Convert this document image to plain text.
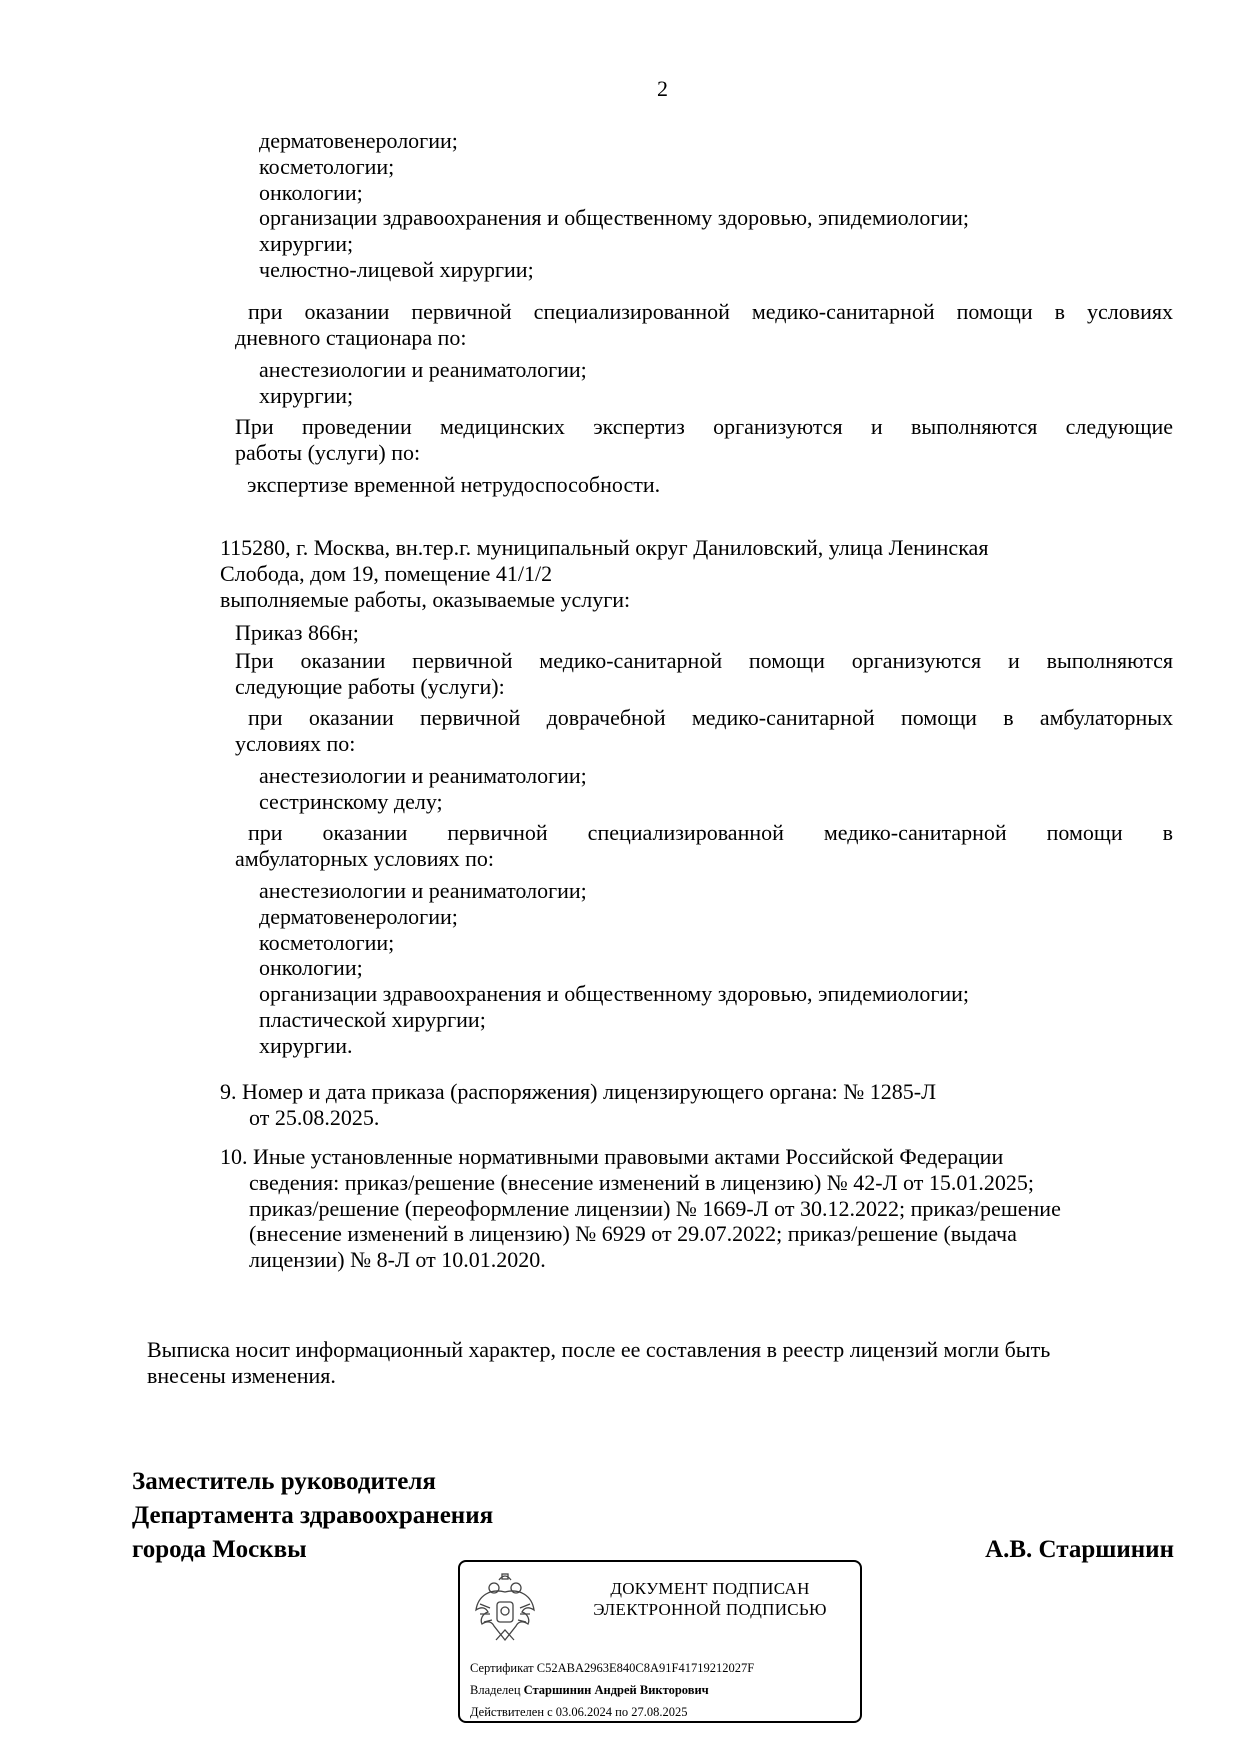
2
дерматовенерологии;
косметологии;
онкологии;
организации здравоохранения и общественному здоровью, эпидемиологии;
хирургии;
челюстно-лицевой хирургии;
при оказании первичной специализированной медико-санитарной помощи в условиях
дневного стационара по:
анестезиологии и реаниматологии;
хирургии;
При проведении медицинских экспертиз организуются и выполняются следующие
работы (услуги) по:
экспертизе временной нетрудоспособности.
115280, г. Москва, вн.тер.г. муниципальный округ Даниловский, улица Ленинская
Слобода, дом 19, помещение 41/1/2
выполняемые работы, оказываемые услуги:
Приказ 866н;
При оказании первичной медико-санитарной помощи организуются и выполняются
следующие работы (услуги):
при оказании первичной доврачебной медико-санитарной помощи в амбулаторных
условиях по:
анестезиологии и реаниматологии;
сестринскому делу;
при оказании первичной специализированной медико-санитарной помощи в
амбулаторных условиях по:
анестезиологии и реаниматологии;
дерматовенерологии;
косметологии;
онкологии;
организации здравоохранения и общественному здоровью, эпидемиологии;
пластической хирургии;
хирургии.
9. Номер и дата приказа (распоряжения) лицензирующего органа: № 1285-Л
от 25.08.2025.
10. Иные установленные нормативными правовыми актами Российской Федерации
сведения: приказ/решение (внесение изменений в лицензию) № 42-Л от 15.01.2025;
приказ/решение (переоформление лицензии) № 1669-Л от 30.12.2022; приказ/решение
(внесение изменений в лицензию) № 6929 от 29.07.2022; приказ/решение (выдача
лицензии) № 8-Л от 10.01.2020.
Выписка носит информационный характер, после ее составления в реестр лицензий могли быть
внесены изменения.
Заместитель руководителя
Департамента здравоохранения
города Москвы	А.В. Старшинин
ДОКУМЕНТ ПОДПИСАН
ЭЛЕКТРОННОЙ ПОДПИСЬЮ
Сертификат C52ABA2963E840C8A91F41719212027F
Владелец Старшинин Андрей Викторович
Действителен с 03.06.2024 по 27.08.2025
